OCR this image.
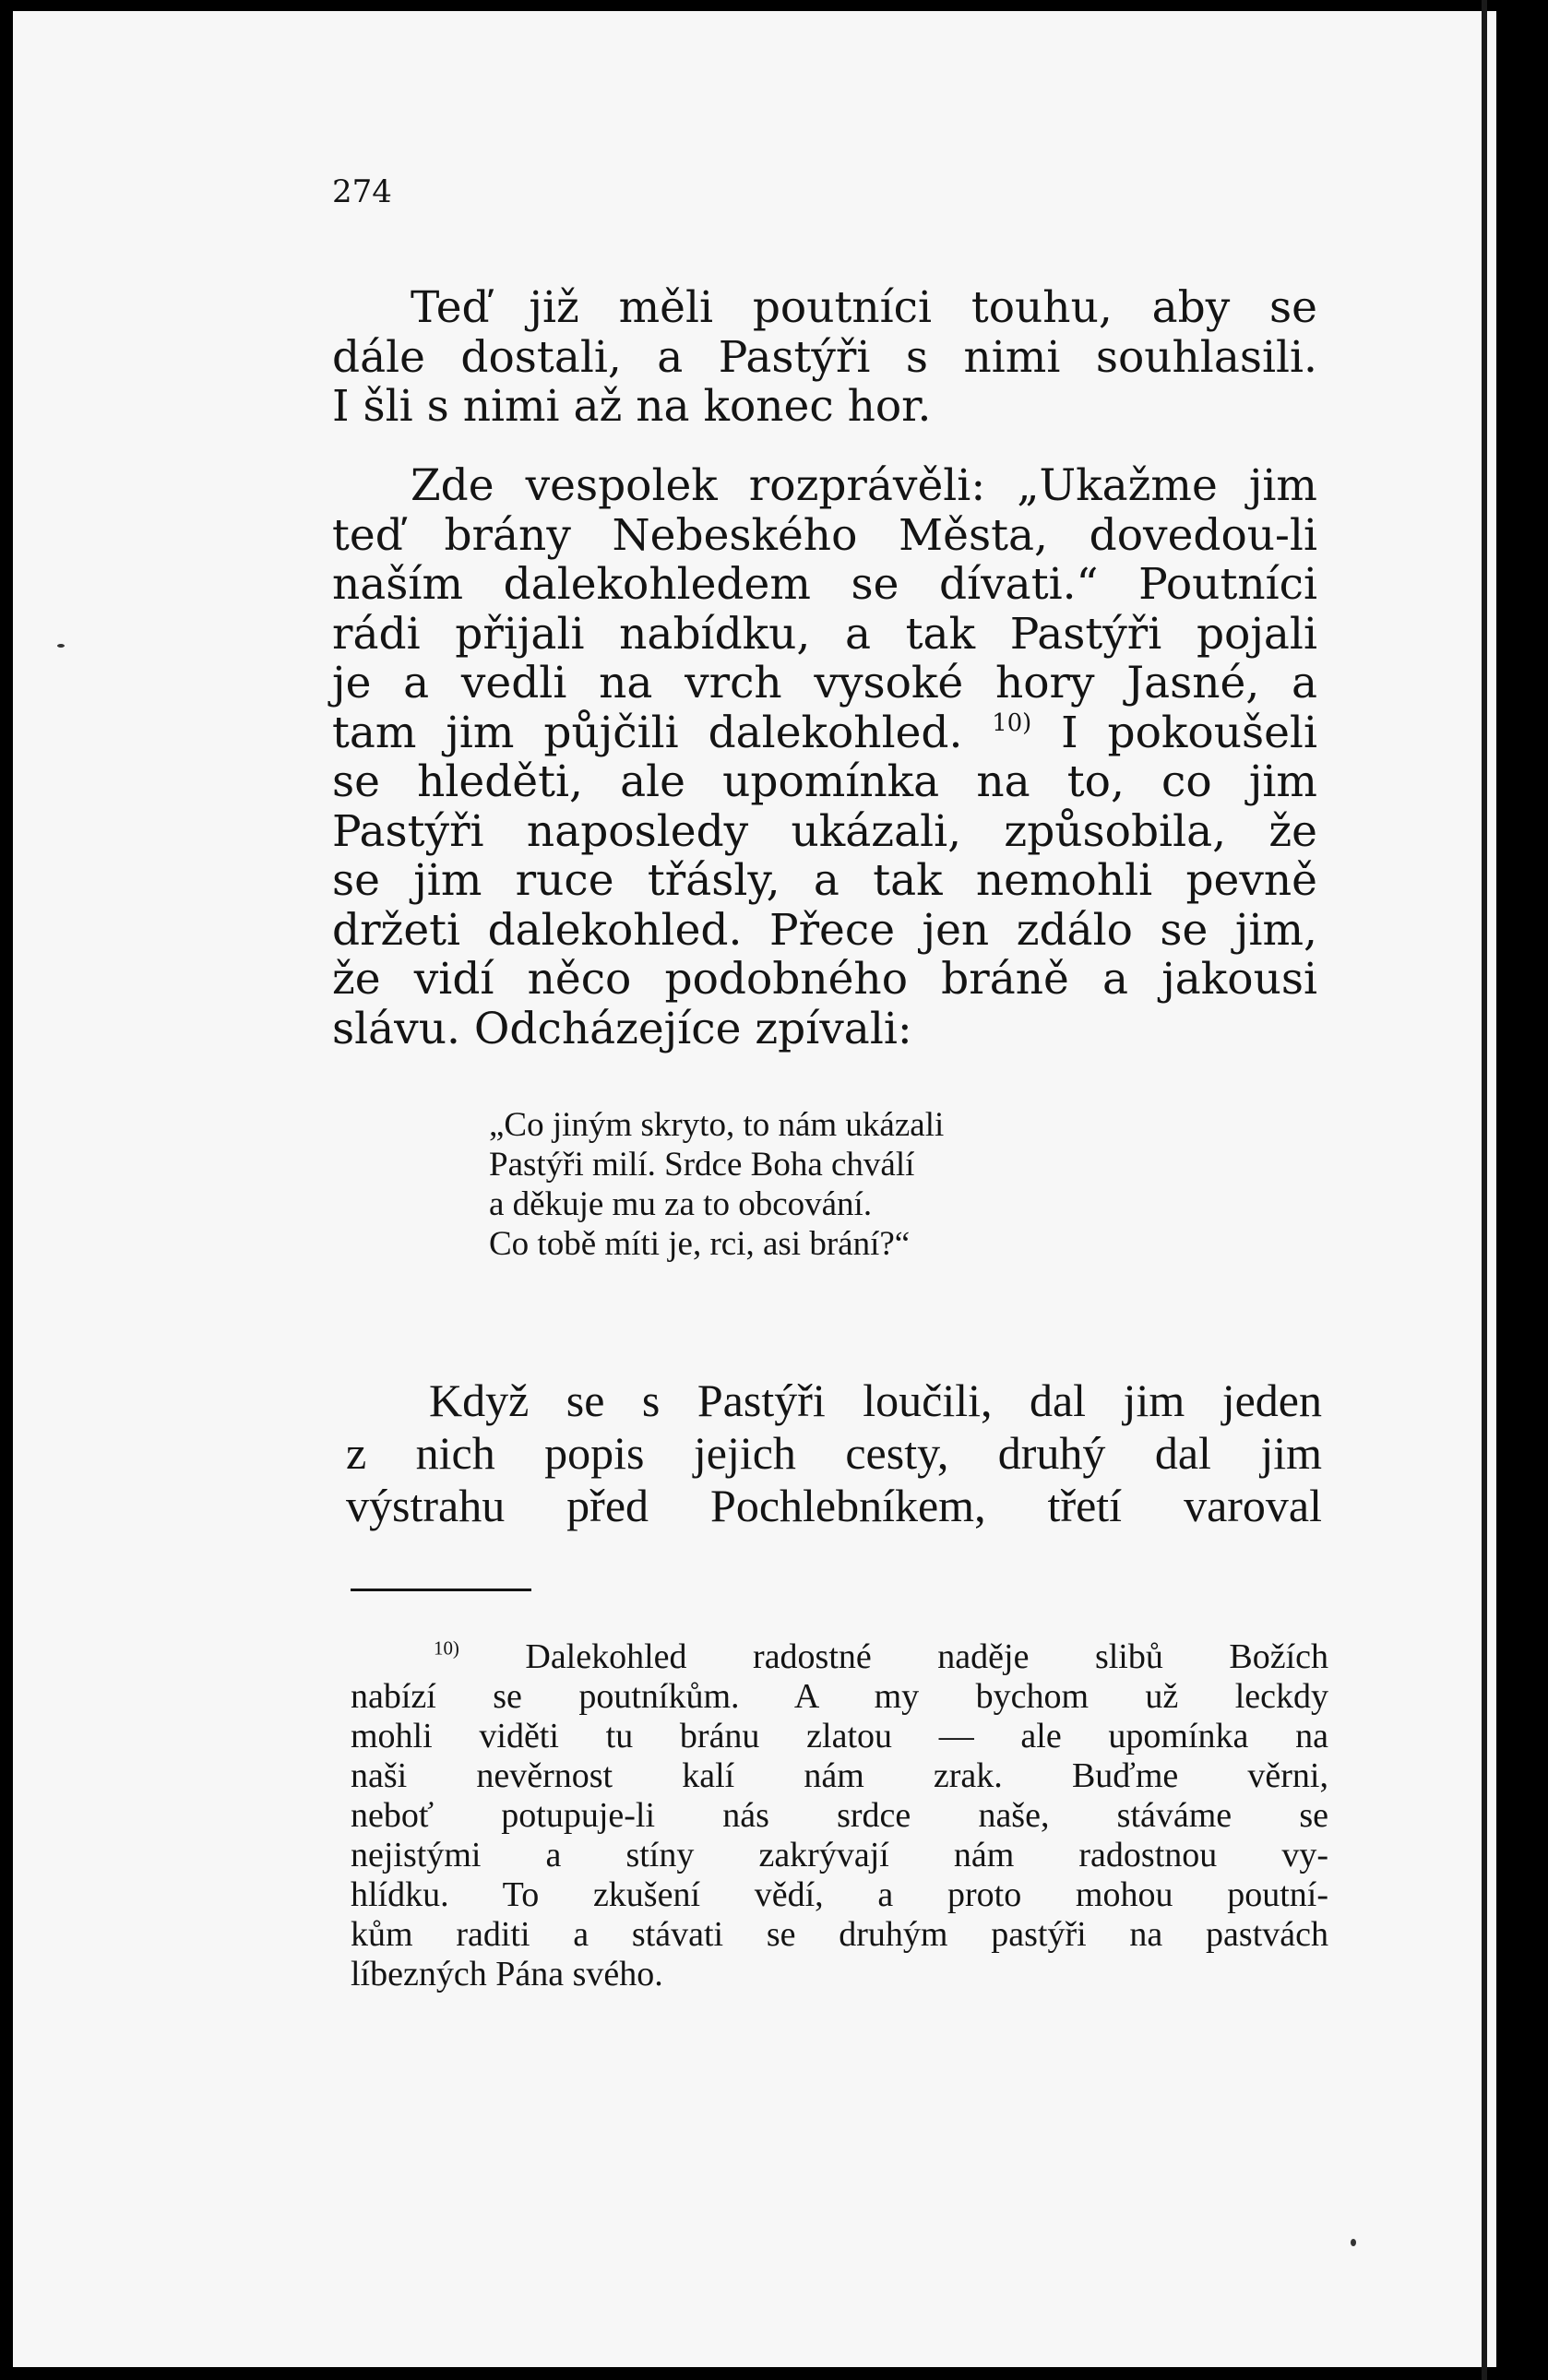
274
Teď již měli poutníci touhu, aby se
dále dostali, a Pastýři s nimi souhlasili.
I šli s nimi až na konec hor.
Zde vespolek rozprávěli: „Ukažme jim
teď brány Nebeského Města, dovedou-li
naším dalekohledem se dívati.“ Poutníci
rádi přijali nabídku, a tak Pastýři pojali
je a vedli na vrch vysoké hory Jasné, a
tam jim půjčili dalekohled. $^{10)}$ I pokoušeli
se hleděti, ale upomínka na to, co jim
Pastýři naposledy ukázali, způsobila, že
se jim ruce třásly, a tak nemohli pevně
držeti dalekohled. Přece jen zdálo se jim,
že vidí něco podobného bráně a jakousi
slávu. Odcházejíce zpívali:
„Co jiným skryto, to nám ukázali
Pastýři milí. Srdce Boha chválí
a děkuje mu za to obcování.
Co tobě míti je, rci, asi brání?“
Když se s Pastýři loučili, dal jim jeden
z nich popis jejich cesty, druhý dal jim
výstrahu před Pochlebníkem, třetí varoval
$^{10)}$ Dalekohled radostné naděje slibů Božích
nabízí se poutníkům. A my bychom už leckdy
mohli viděti tu bránu zlatou — ale upomínka na
naši nevěrnost kalí nám zrak. Buďme věrni,
neboť potupuje-li nás srdce naše, stáváme se
nejistými a stíny zakrývají nám radostnou vy-
hlídku. To zkušení vědí, a proto mohou poutní-
kům raditi a stávati se druhým pastýři na pastvách
líbezných Pána svého.
